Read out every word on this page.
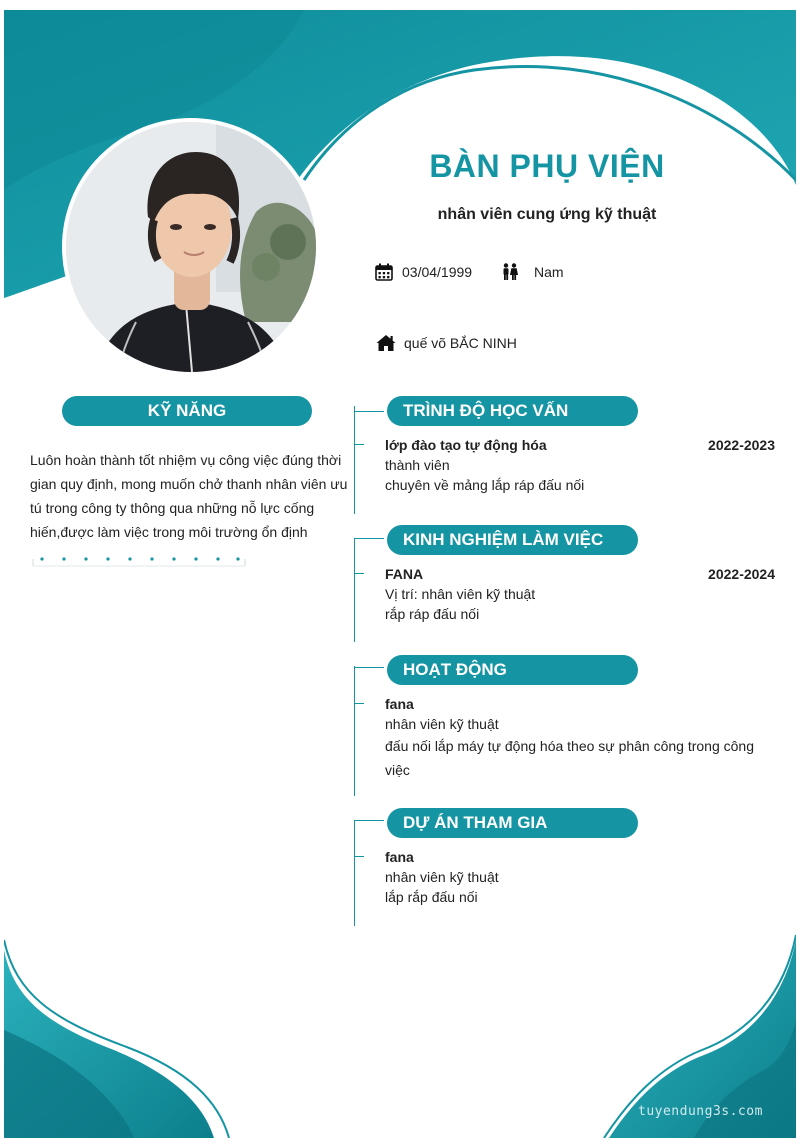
BÀN PHỤ VIỆN
nhân viên cung ứng kỹ thuật
03/04/1999	Nam
quế võ BẮC NINH
KỸ NĂNG

Luôn hoàn thành tốt nhiệm vụ công việc đúng thời gian quy định, mong muốn chở thanh nhân viên ưu tú trong công ty thông qua những nỗ lực cống hiến,được làm việc trong môi trường ổn định

TRÌNH ĐỘ HỌC VẤN
lớp đào tạo tự động hóa	2022-2023
thành viên
chuyên về mảng lắp ráp đấu nối
KINH NGHIỆM LÀM VIỆC
FANA	2022-2024
Vị trí: nhân viên kỹ thuật
rắp ráp đấu nối
HOẠT ĐỘNG
fana
nhân viên kỹ thuật
đấu nối lắp máy tự động hóa theo sự phân công trong công việc
DỰ ÁN THAM GIA
fana
nhân viên kỹ thuật
lắp rắp đấu nối
tuyendung3s.com
